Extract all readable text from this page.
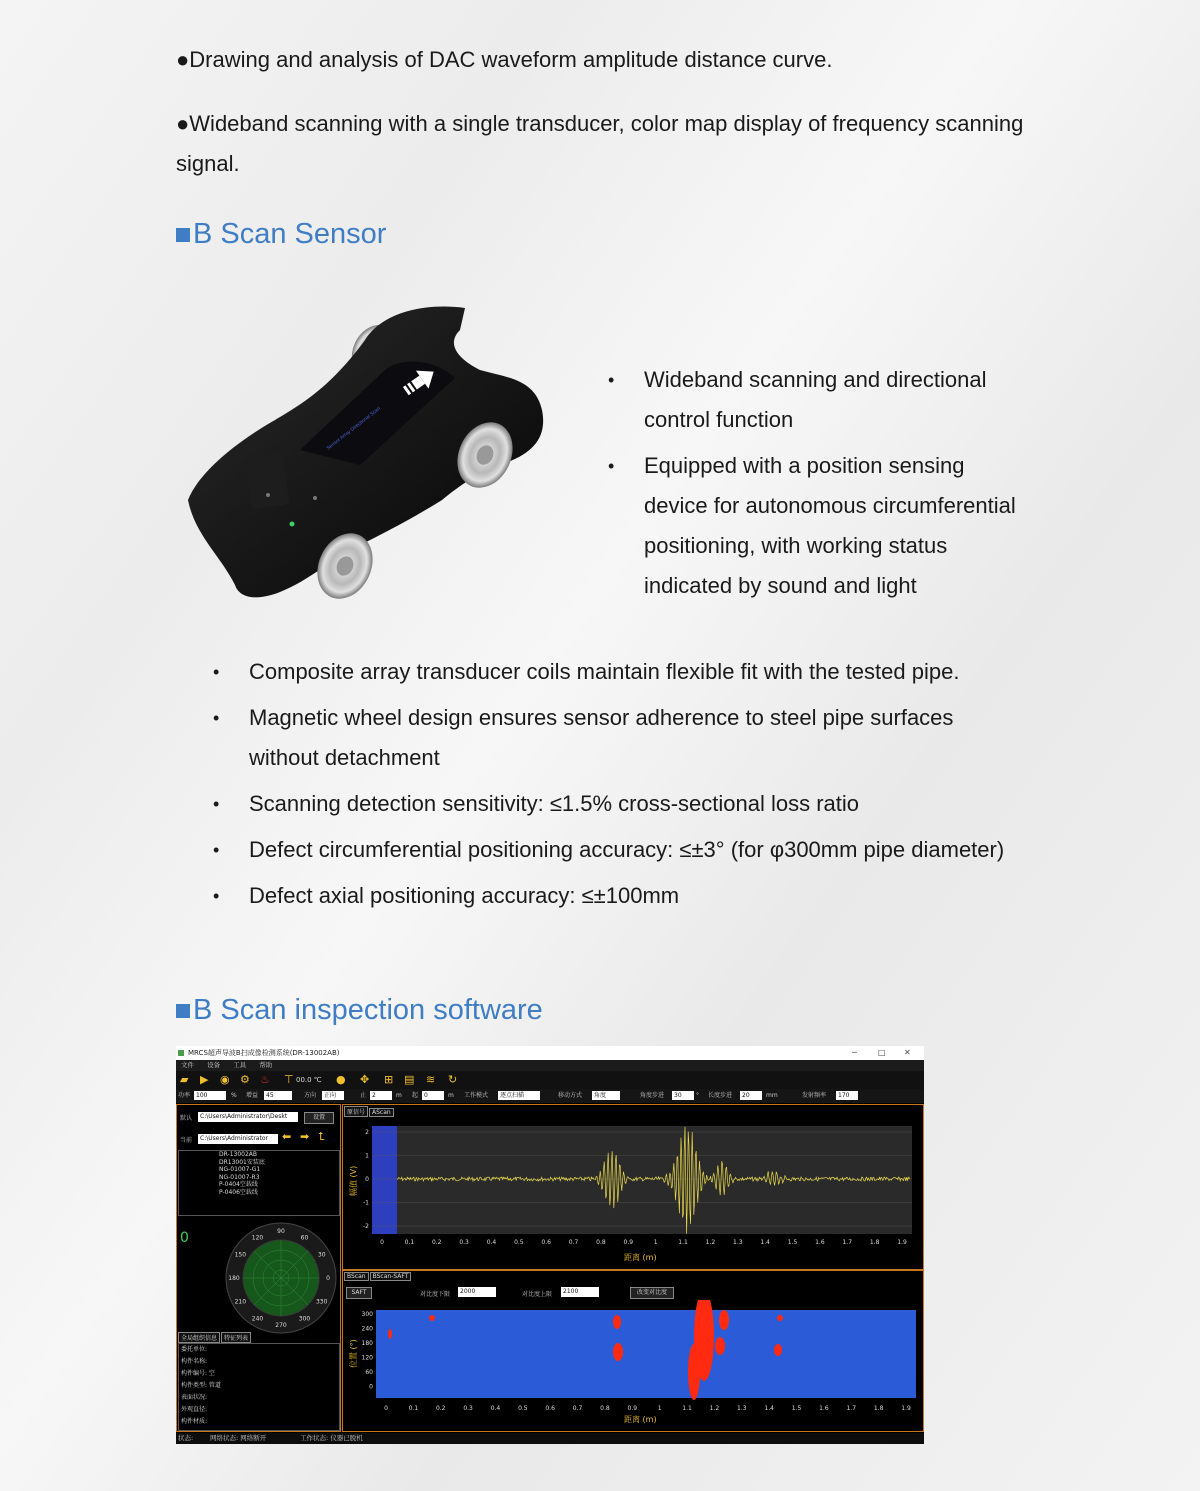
●Drawing and analysis of DAC waveform amplitude distance curve.

●Wideband scanning with a single transducer, color map display of frequency scanning signal.

B Scan Sensor
Sensor Array Directional Scan
• Wideband scanning and directional control function
• Equipped with a position sensing device for autonomous circumferential positioning, with working status indicated by sound and light
• Composite array transducer coils maintain flexible fit with the tested pipe.
• Magnetic wheel design ensures sensor adherence to steel pipe surfaces without detachment
• Scanning detection sensitivity: ≤1.5% cross-sectional loss ratio
• Defect circumferential positioning accuracy: ≤±3° (for φ300mm pipe diameter)
• Defect axial positioning accuracy: ≤±100mm
B Scan inspection software
MRCS超声导波B扫成像检测系统(DR-13002AB)	─	□ ✕
文件 设备 工具 帮助
▰ ▶ ◉ ⚙ ♨ ⊤ 00.0 ℃ ● ✥ ⊞ ▤ ≋ ↻
功率 100	% 增益	45	方向	正向	止 2	m 起 0	m 工作模式	逐点扫描	移动方式	角度	角度步进	30	° 长度步进	20	mm	发射频率	170
默认	C:\Users\Administrator\Deskt	设置
当前	C:\Users\Administrator	⬅ ➡ ⮤
DR-13002AB
DR13001安装底
NG-01007-G1
NG-01007-R3
P-0404空载线
P-0406空载线
0	90
60
30
0
330
300
270
240
210
180
150
120
全局组织信息 特征列表
委托单位:
构件名称:
构件编号: 空
构件类型: 管道
表面状况:
外观直径:
构件材质:
原信号 AScan
2
1
0
-1
-2
0	0.1	0.2	0.3	0.4	0.5	0.6	0.7	0.8	0.9	1	1.1	1.2	1.3	1.4	1.5	1.6	1.7	1.8	1.9
幅值 (V)
距离 (m)
BScan BScan-SAFT
SAFT	对比度下限	2000	对比度上限	2100	改变对比度
300
240
180
120
60
0
0	0.1	0.2	0.3	0.4	0.5	0.6	0.7	0.8	0.9	1	1.1	1.2	1.3	1.4	1.5	1.6	1.7	1.8	1.9
位置 (°)
距离 (m)
状态:	网络状态: 网络断开	工作状态: 仪器已脱机
